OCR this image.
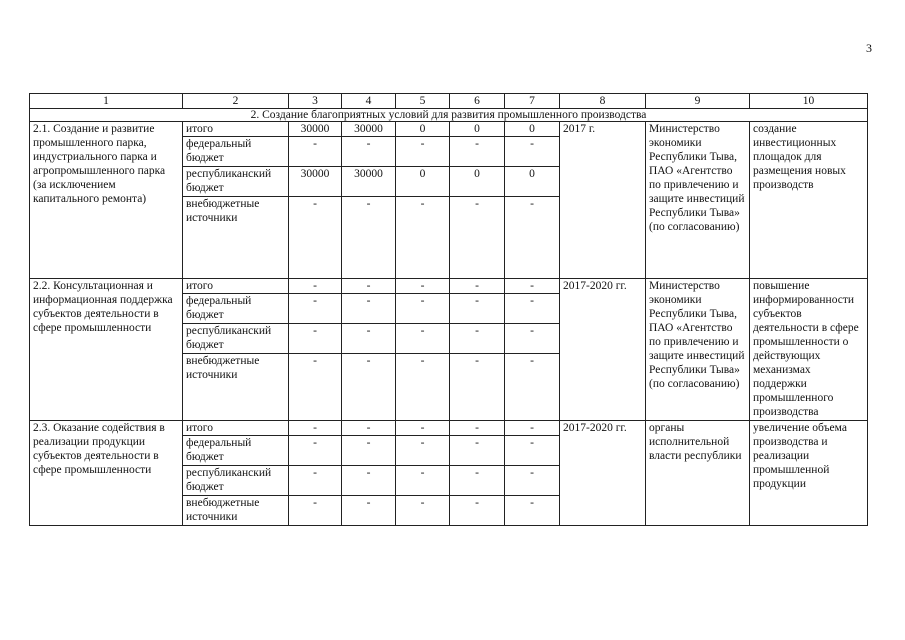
3
1	2	3	4	5	6	7	8	9	10
2. Создание благоприятных условий для развития промышленного производства									
2.1. Создание и развитие промышленного парка, индустриального парка и агропромышленного парка (за исключением капитального ремонта)	итого	30000	30000	0	0	0	2017 г.	Министерство экономики Республики Тыва, ПАО «Агентство по привлечению и защите инвестиций Республики Тыва» (по согласованию)	создание инвестиционных площадок для размещения новых производств
	федеральный бюджет	-	-	-	-	-			
	республиканский бюджет	30000	30000	0	0	0			
	внебюджетные источники	-	-	-	-	-			
2.2. Консультационная и информационная поддержка субъектов деятельности в сфере промышленности	итого	-	-	-	-	-	2017-2020 гг.	Министерство экономики Республики Тыва, ПАО «Агентство по привлечению и защите инвестиций Республики Тыва» (по согласованию)	повышение информированности субъектов деятельности в сфере промышленности о действующих механизмах поддержки промышленного производства
	федеральный бюджет	-	-	-	-	-			
	республиканский бюджет	-	-	-	-	-			
	внебюджетные источники	-	-	-	-	-			
2.3. Оказание содействия в реализации продукции субъектов деятельности в сфере промышленности	итого	-	-	-	-	-	2017-2020 гг.	органы исполнительной власти республики	увеличение объема производства и реализации промышленной продукции
	федеральный бюджет	-	-	-	-	-			
	республиканский бюджет	-	-	-	-	-			
	внебюджетные источники	-	-	-	-	-			
